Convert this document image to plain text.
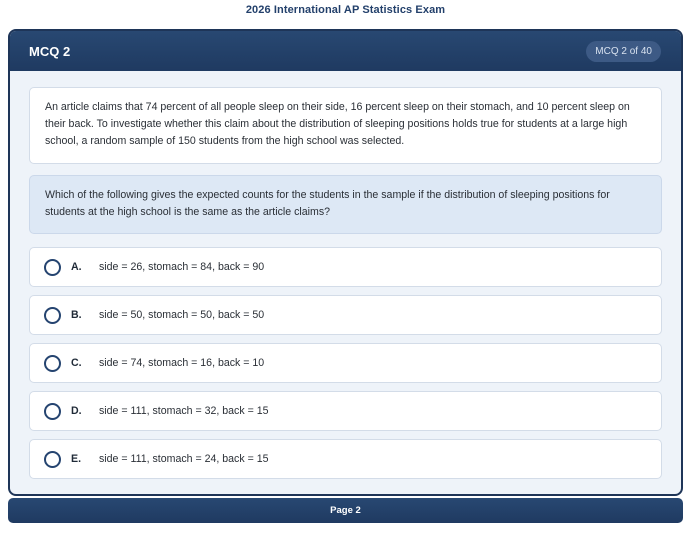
2026 International AP Statistics Exam
MCQ 2	MCQ 2 of 40
An article claims that 74 percent of all people sleep on their side, 16 percent sleep on their stomach, and 10 percent sleep on their back. To investigate whether this claim about the distribution of sleeping positions holds true for students at a large high school, a random sample of 150 students from the high school was selected.
Which of the following gives the expected counts for the students in the sample if the distribution of sleeping positions for students at the high school is the same as the article claims?
A.	side = 26, stomach = 84, back = 90
B.	side = 50, stomach = 50, back = 50
C.	side = 74, stomach = 16, back = 10
D.	side = 111, stomach = 32, back = 15
E.	side = 111, stomach = 24, back = 15
Page 2
